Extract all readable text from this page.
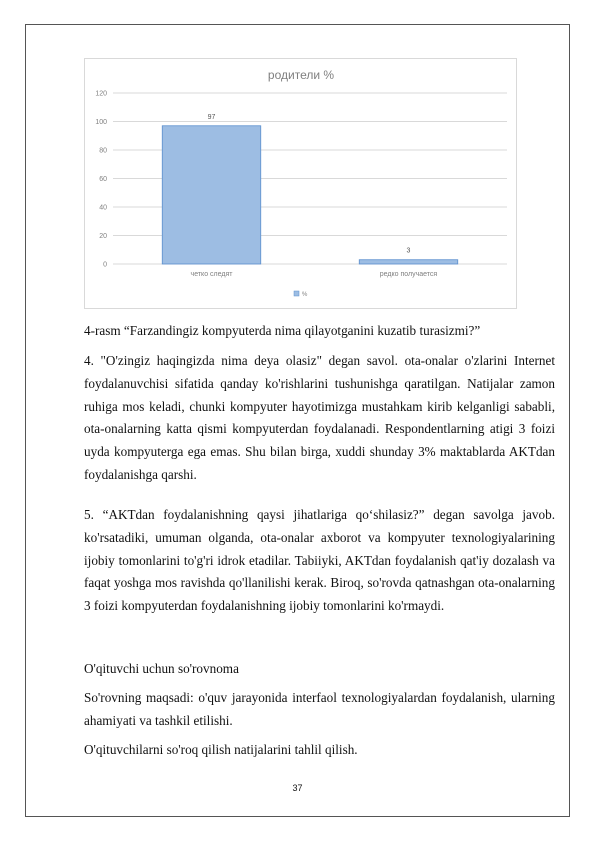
родители %
97
3
0
20
40
60
80
100
120
четко следят	редко получается
%
4-rasm “Farzandingiz kompyuterda nima qilayotganini kuzatib turasizmi?”
4. "O'zingiz haqingizda nima deya olasiz" degan savol. ota-onalar o'zlarini Internet foydalanuvchisi sifatida qanday ko'rishlarini tushunishga qaratilgan. Natijalar zamon ruhiga mos keladi, chunki kompyuter hayotimizga mustahkam kirib kelganligi sababli, ota-onalarning katta qismi kompyuterdan foydalanadi. Respondentlarning atigi 3 foizi uyda kompyuterga ega emas. Shu bilan birga, xuddi shunday 3% maktablarda AKTdan foydalanishga qarshi.
5. “AKTdan foydalanishning qaysi jihatlariga qo‘shilasiz?” degan savolga javob. ko'rsatadiki, umuman olganda, ota-onalar axborot va kompyuter texnologiyalarining ijobiy tomonlarini to'g'ri idrok etadilar. Tabiiyki, AKTdan foydalanish qat'iy dozalash va faqat yoshga mos ravishda qo'llanilishi kerak. Biroq, so'rovda qatnashgan ota-onalarning 3 foizi kompyuterdan foydalanishning ijobiy tomonlarini ko'rmaydi.
O'qituvchi uchun so'rovnoma
So'rovning maqsadi: o'quv jarayonida interfaol texnologiyalardan foydalanish, ularning ahamiyati va tashkil etilishi.
O'qituvchilarni so'roq qilish natijalarini tahlil qilish.
37
